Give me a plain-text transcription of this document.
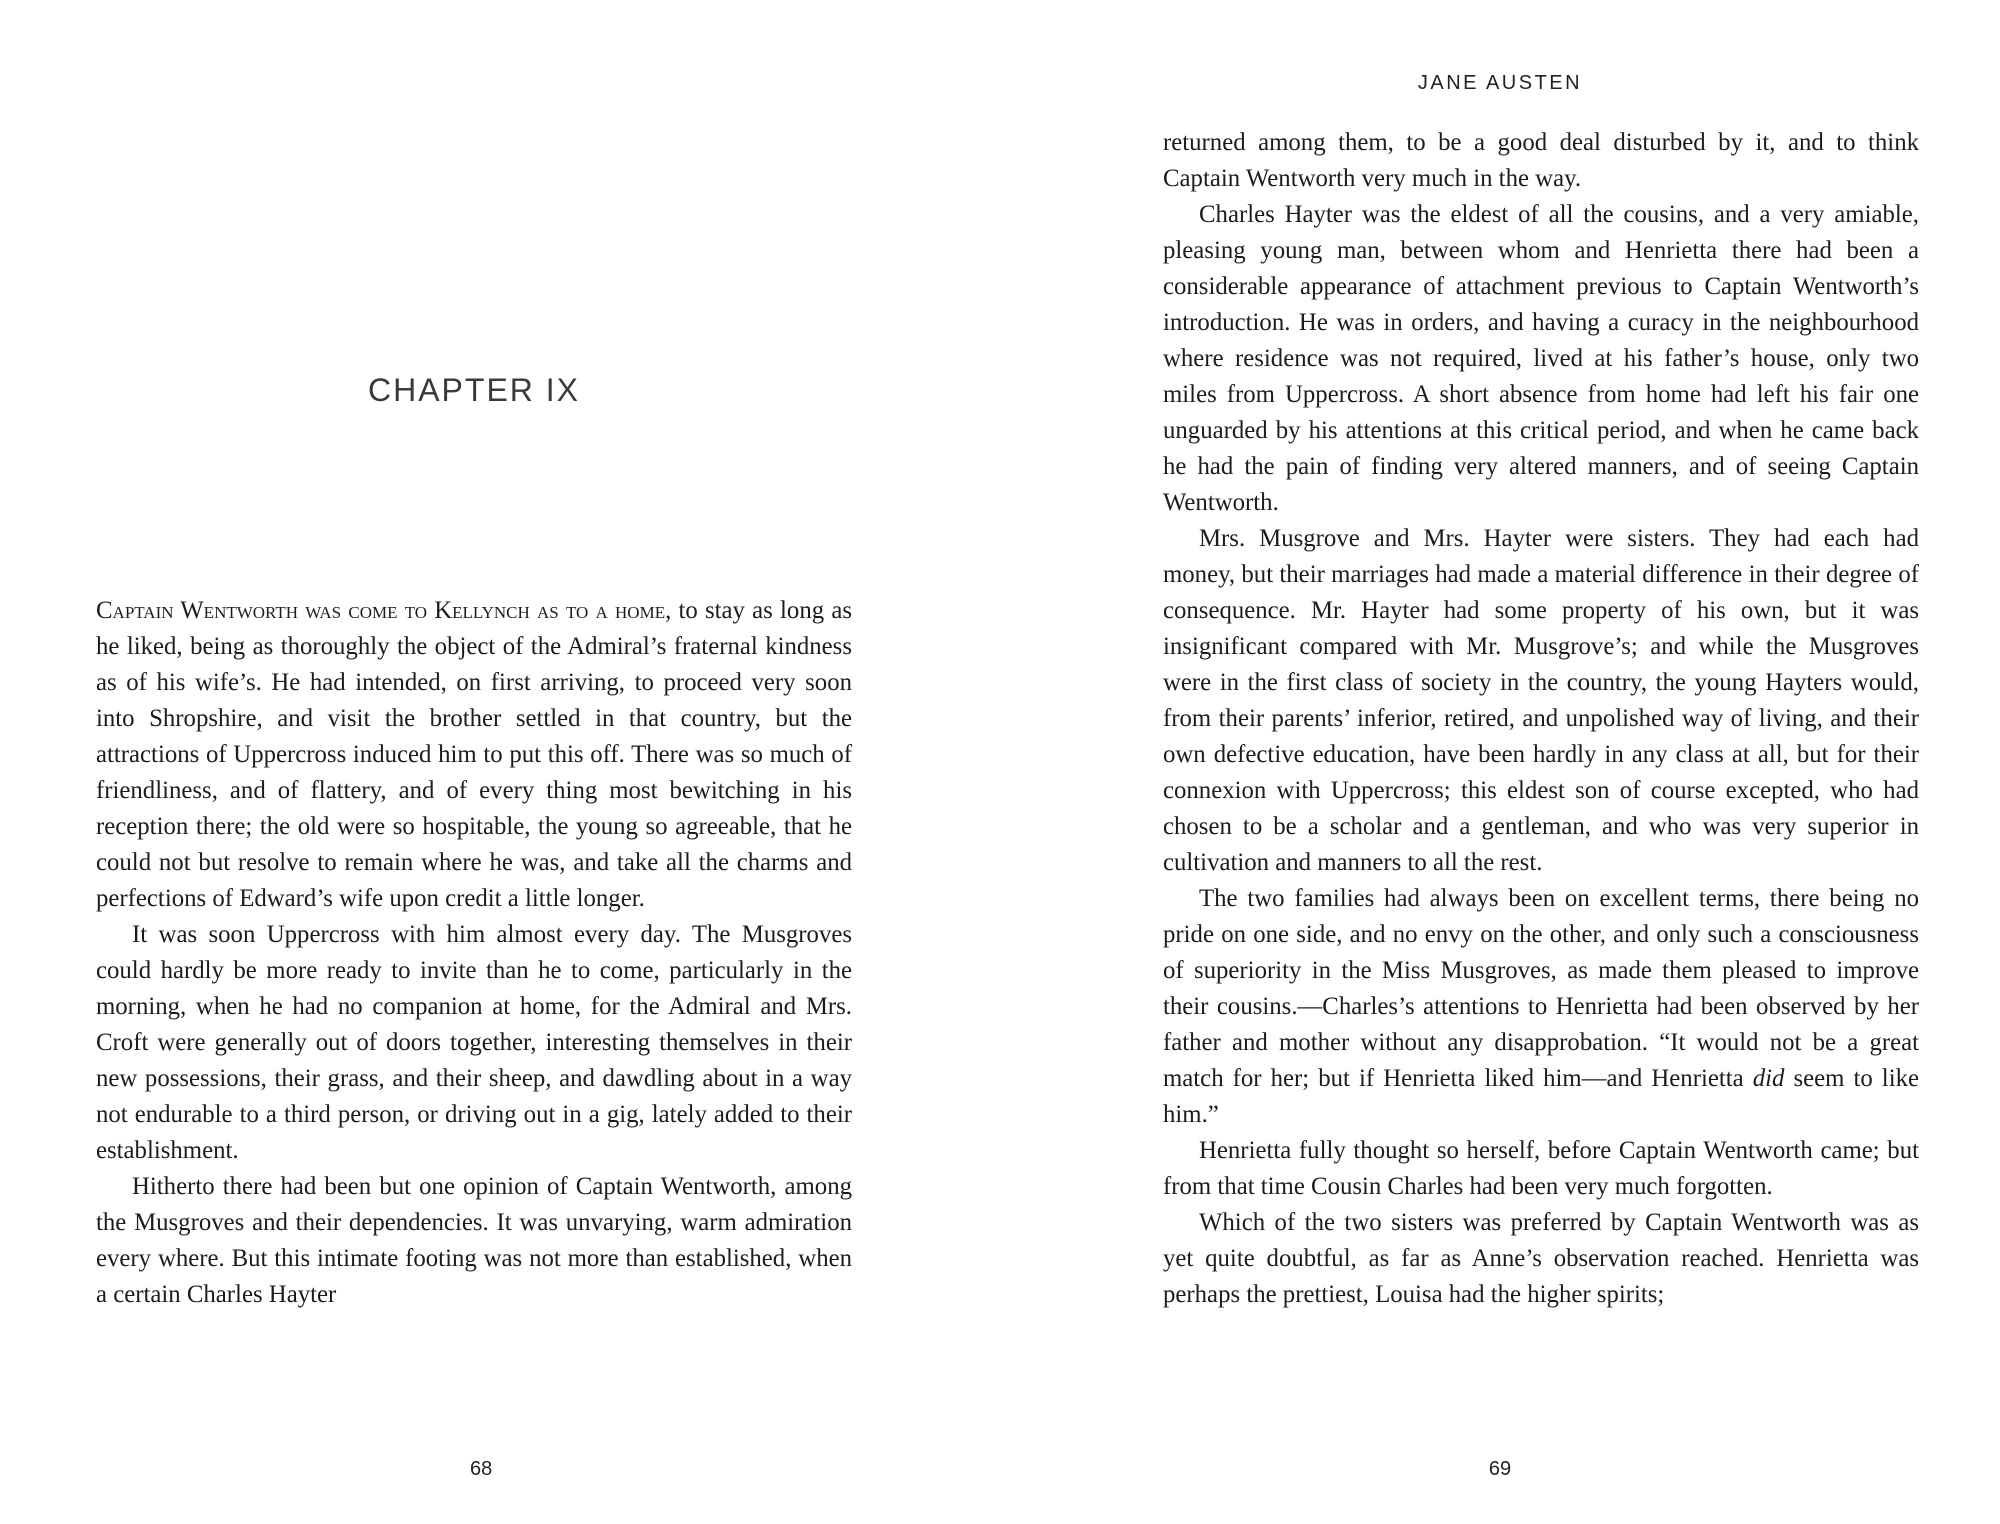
CHAPTER IX

Captain Wentworth was come to Kellynch as to a home, to stay as long as he liked, being as thoroughly the object of the Admiral’s fraternal kindness as of his wife’s. He had intended, on first arriving, to proceed very soon into Shropshire, and visit the brother settled in that country, but the attractions of Uppercross induced him to put this off. There was so much of friendliness, and of flattery, and of every thing most bewitching in his reception there; the old were so hospitable, the young so agreeable, that he could not but resolve to remain where he was, and take all the charms and perfections of Edward’s wife upon credit a little longer.

It was soon Uppercross with him almost every day. The Musgroves could hardly be more ready to invite than he to come, particularly in the morning, when he had no companion at home, for the Admiral and Mrs. Croft were generally out of doors together, interesting themselves in their new possessions, their grass, and their sheep, and dawdling about in a way not endurable to a third person, or driving out in a gig, lately added to their establishment.

Hitherto there had been but one opinion of Captain Wentworth, among the Musgroves and their dependencies. It was unvarying, warm admiration every where. But this intimate footing was not more than established, when a certain Charles Hayter

68
JANE AUSTEN

returned among them, to be a good deal disturbed by it, and to think Captain Wentworth very much in the way.

Charles Hayter was the eldest of all the cousins, and a very amiable, pleasing young man, between whom and Henrietta there had been a considerable appearance of attachment previous to Captain Wentworth’s introduction. He was in orders, and having a curacy in the neighbourhood where residence was not required, lived at his father’s house, only two miles from Uppercross. A short absence from home had left his fair one unguarded by his attentions at this critical period, and when he came back he had the pain of finding very altered manners, and of seeing Captain Wentworth.

Mrs. Musgrove and Mrs. Hayter were sisters. They had each had money, but their marriages had made a material difference in their degree of consequence. Mr. Hayter had some property of his own, but it was insignificant compared with Mr. Musgrove’s; and while the Musgroves were in the first class of society in the country, the young Hayters would, from their parents’ inferior, retired, and unpolished way of living, and their own defective education, have been hardly in any class at all, but for their connexion with Uppercross; this eldest son of course excepted, who had chosen to be a scholar and a gentleman, and who was very superior in cultivation and manners to all the rest.

The two families had always been on excellent terms, there being no pride on one side, and no envy on the other, and only such a consciousness of superiority in the Miss Musgroves, as made them pleased to improve their cousins.—Charles’s attentions to Henrietta had been observed by her father and mother without any disapprobation. “It would not be a great match for her; but if Henrietta liked him—and Henrietta did seem to like him.”

Henrietta fully thought so herself, before Captain Wentworth came; but from that time Cousin Charles had been very much forgotten.

Which of the two sisters was preferred by Captain Wentworth was as yet quite doubtful, as far as Anne’s observation reached. Henrietta was perhaps the prettiest, Louisa had the higher spirits;

69
